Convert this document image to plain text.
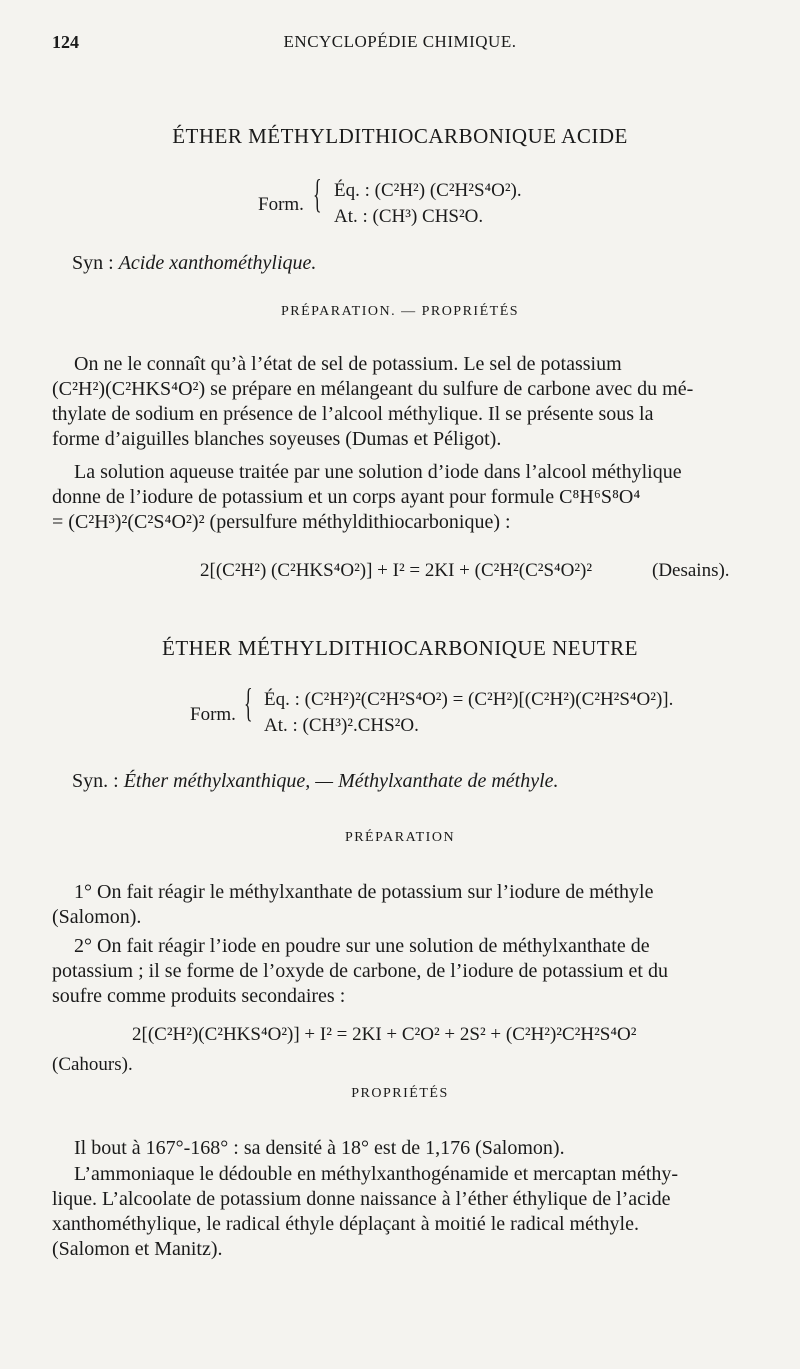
124	ENCYCLOPÉDIE CHIMIQUE.
ÉTHER MÉTHYLDITHIOCARBONIQUE ACIDE
Form. { Éq. : (C²H²) (C²H²S⁴O²).
At. : (CH³) CHS²O.
Syn : Acide xanthométhylique.
PRÉPARATION. — PROPRIÉTÉS
On ne le connaît qu’à l’état de sel de potassium. Le sel de potassium
(C²H²)(C²HKS⁴O²) se prépare en mélangeant du sulfure de carbone avec du mé-
thylate de sodium en présence de l’alcool méthylique. Il se présente sous la
forme d’aiguilles blanches soyeuses (Dumas et Péligot).
La solution aqueuse traitée par une solution d’iode dans l’alcool méthylique
donne de l’iodure de potassium et un corps ayant pour formule C⁸H⁶S⁸O⁴
= (C²H³)²(C²S⁴O²)² (persulfure méthyldithiocarbonique) :
2[(C²H²) (C²HKS⁴O²)] + I² = 2KI + (C²H²(C²S⁴O²)²	(Desains).
ÉTHER MÉTHYLDITHIOCARBONIQUE NEUTRE
Form. { Éq. : (C²H²)²(C²H²S⁴O²) = (C²H²)[(C²H²)(C²H²S⁴O²)].
At. : (CH³)².CHS²O.
Syn. : Éther méthylxanthique, — Méthylxanthate de méthyle.
PRÉPARATION
1° On fait réagir le méthylxanthate de potassium sur l’iodure de méthyle
(Salomon).
2° On fait réagir l’iode en poudre sur une solution de méthylxanthate de
potassium ; il se forme de l’oxyde de carbone, de l’iodure de potassium et du
soufre comme produits secondaires :
2[(C²H²)(C²HKS⁴O²)] + I² = 2KI + C²O² + 2S² + (C²H²)²C²H²S⁴O²
(Cahours).
PROPRIÉTÉS
Il bout à 167°-168° : sa densité à 18° est de 1,176 (Salomon).
L’ammoniaque le dédouble en méthylxanthogénamide et mercaptan méthy-
lique. L’alcoolate de potassium donne naissance à l’éther éthylique de l’acide
xanthométhylique, le radical éthyle déplaçant à moitié le radical méthyle.
(Salomon et Manitz).
